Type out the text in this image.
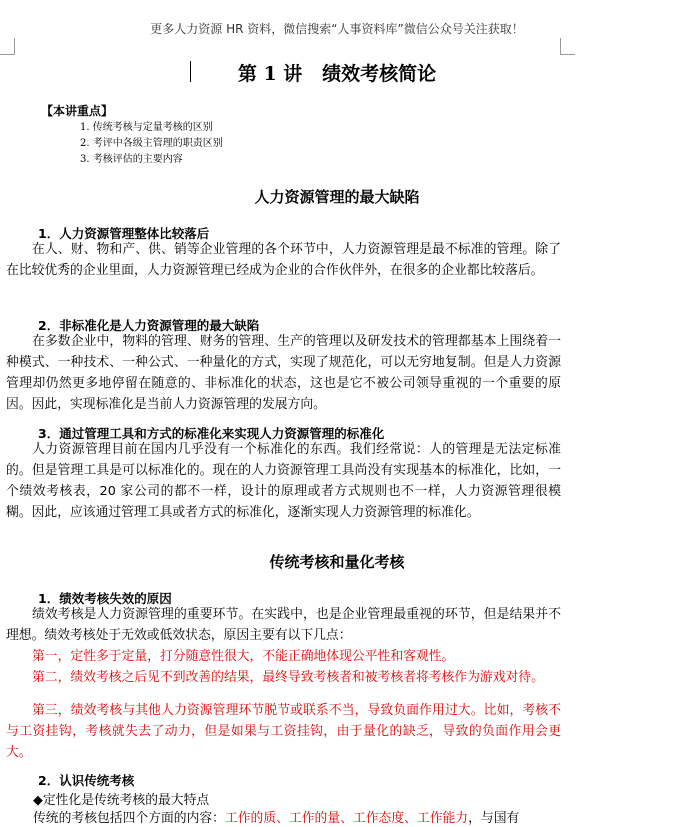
更多人力资源 HR 资料，微信搜索“人事资料库”微信公众号关注获取！
第 1 讲   绩效考核简论
【本讲重点】
1. 传统考核与定量考核的区别
2. 考评中各级主管理的职责区别
3. 考核评估的主要内容
人力资源管理的最大缺陷
1．人力资源管理整体比较落后

在人、财、物和产、供、销等企业管理的各个环节中，人力资源管理是最不标准的管理。除了在比较优秀的企业里面，人力资源管理已经成为企业的合作伙伴外，在很多的企业都比较落后。

2．非标准化是人力资源管理的最大缺陷

在多数企业中，物料的管理、财务的管理、生产的管理以及研发技术的管理都基本上围绕着一种模式、一种技术、一种公式、一种量化的方式，实现了规范化，可以无穷地复制。但是人力资源管理却仍然更多地停留在随意的、非标准化的状态，这也是它不被公司领导重视的一个重要的原因。因此，实现标准化是当前人力资源管理的发展方向。

3．通过管理工具和方式的标准化来实现人力资源管理的标准化

人力资源管理目前在国内几乎没有一个标准化的东西。我们经常说：人的管理是无法定标准的。但是管理工具是可以标准化的。现在的人力资源管理工具尚没有实现基本的标准化，比如，一个绩效考核表，20 家公司的都不一样，设计的原理或者方式规则也不一样，人力资源管理很模糊。因此，应该通过管理工具或者方式的标准化，逐渐实现人力资源管理的标准化。

传统考核和量化考核
1．绩效考核失效的原因

绩效考核是人力资源管理的重要环节。在实践中，也是企业管理最重视的环节，但是结果并不理想。绩效考核处于无效或低效状态，原因主要有以下几点：

第一，定性多于定量，打分随意性很大，不能正确地体现公平性和客观性。

第二，绩效考核之后见不到改善的结果，最终导致考核者和被考核者将考核作为游戏对待。

第三，绩效考核与其他人力资源管理环节脱节或联系不当，导致负面作用过大。比如，考核不与工资挂钩，考核就失去了动力，但是如果与工资挂钩，由于量化的缺乏，导致的负面作用会更大。

2．认识传统考核
◆定性化是传统考核的最大特点
传统的考核包括四个方面的内容：工作的质、工作的量、工作态度、工作能力，与国有
